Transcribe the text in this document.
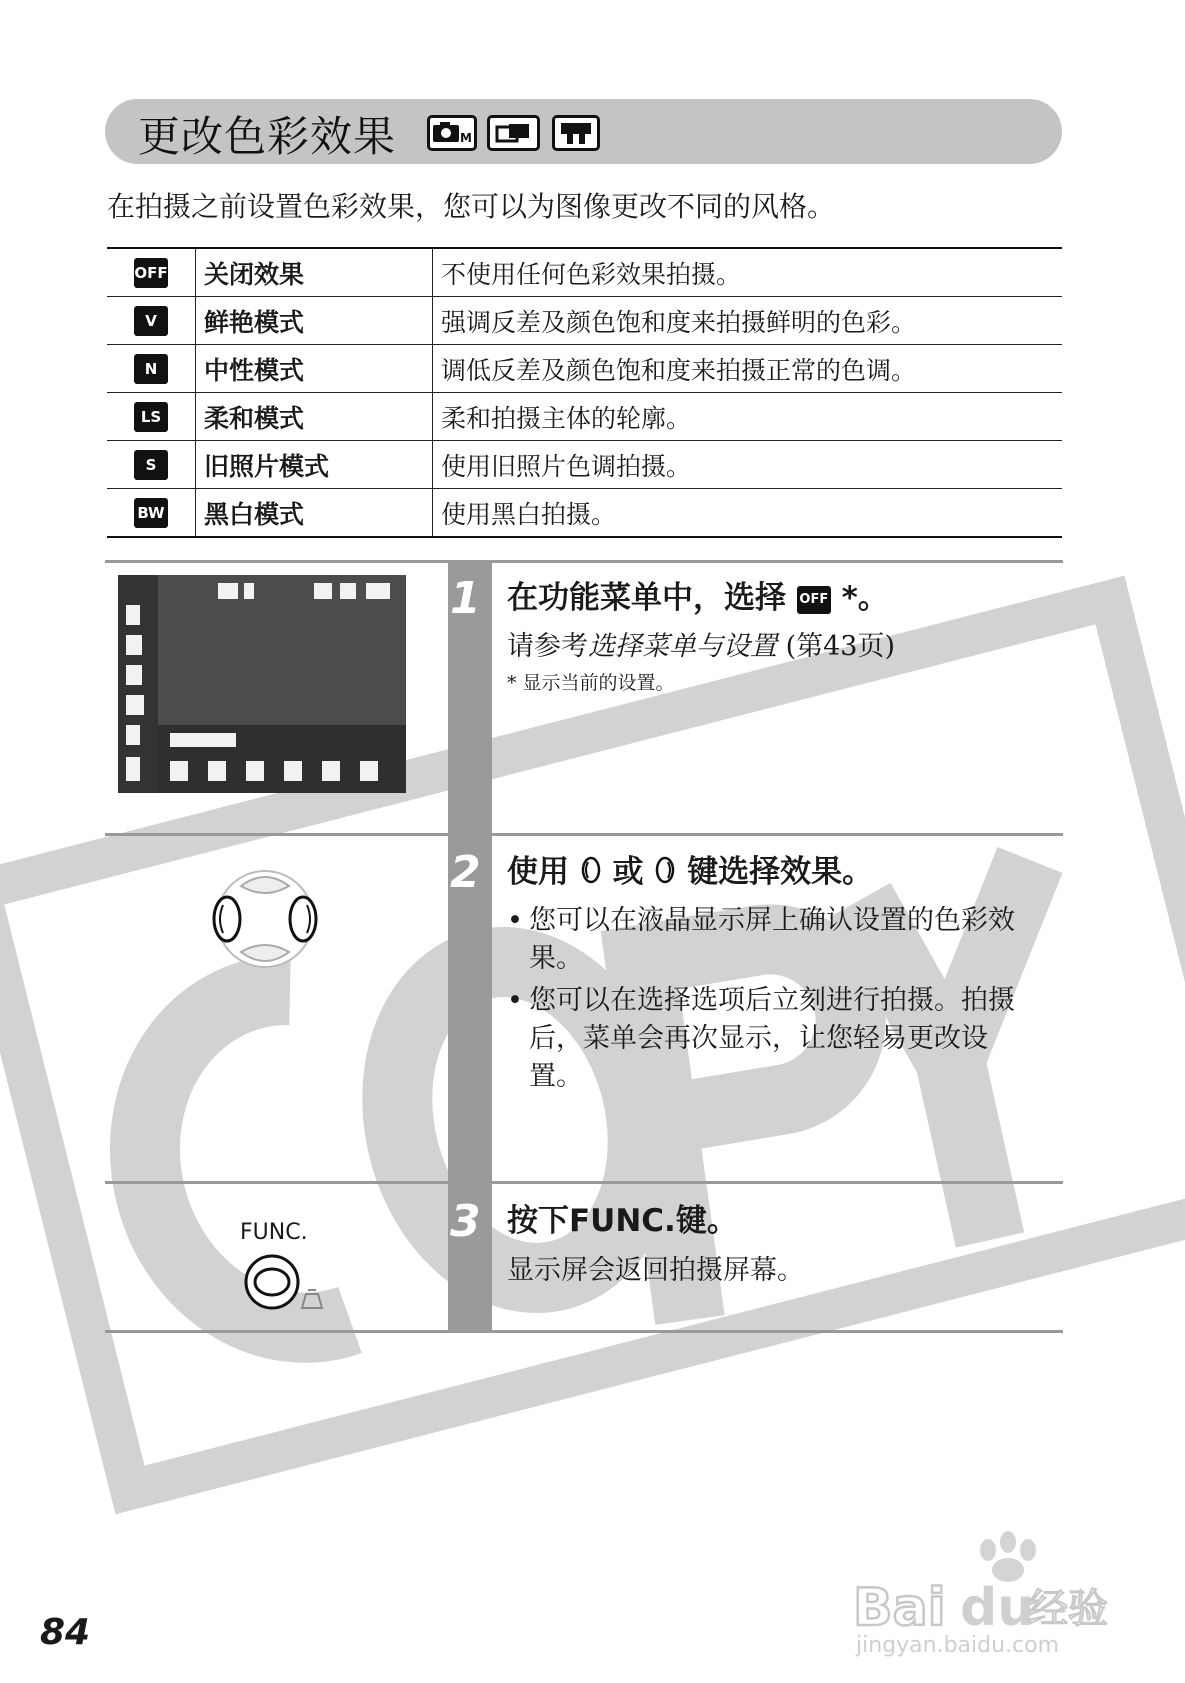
更改色彩效果	M
在拍摄之前设置色彩效果，您可以为图像更改不同的风格。
OFF	关闭效果	不使用任何色彩效果拍摄。
V	鲜艳模式	强调反差及颜色饱和度来拍摄鲜明的色彩。
N	中性模式	调低反差及颜色饱和度来拍摄正常的色调。
LS	柔和模式	柔和拍摄主体的轮廓。
S	旧照片模式	使用旧照片色调拍摄。
BW	黑白模式	使用黑白拍摄。
1 在功能菜单中，选择 OFF *。
请参考选择菜单与设置 (第43页)
* 显示当前的设置。
2 使用 或 键选择效果。
• 您可以在液晶显示屏上确认设置的色彩效果。
• 您可以在选择选项后立刻进行拍摄。拍摄后，菜单会再次显示，让您轻易更改设置。
3 按下FUNC.键。
显示屏会返回拍摄屏幕。
FUNC.
84	Bai du
经验
jingyan.baidu.com
